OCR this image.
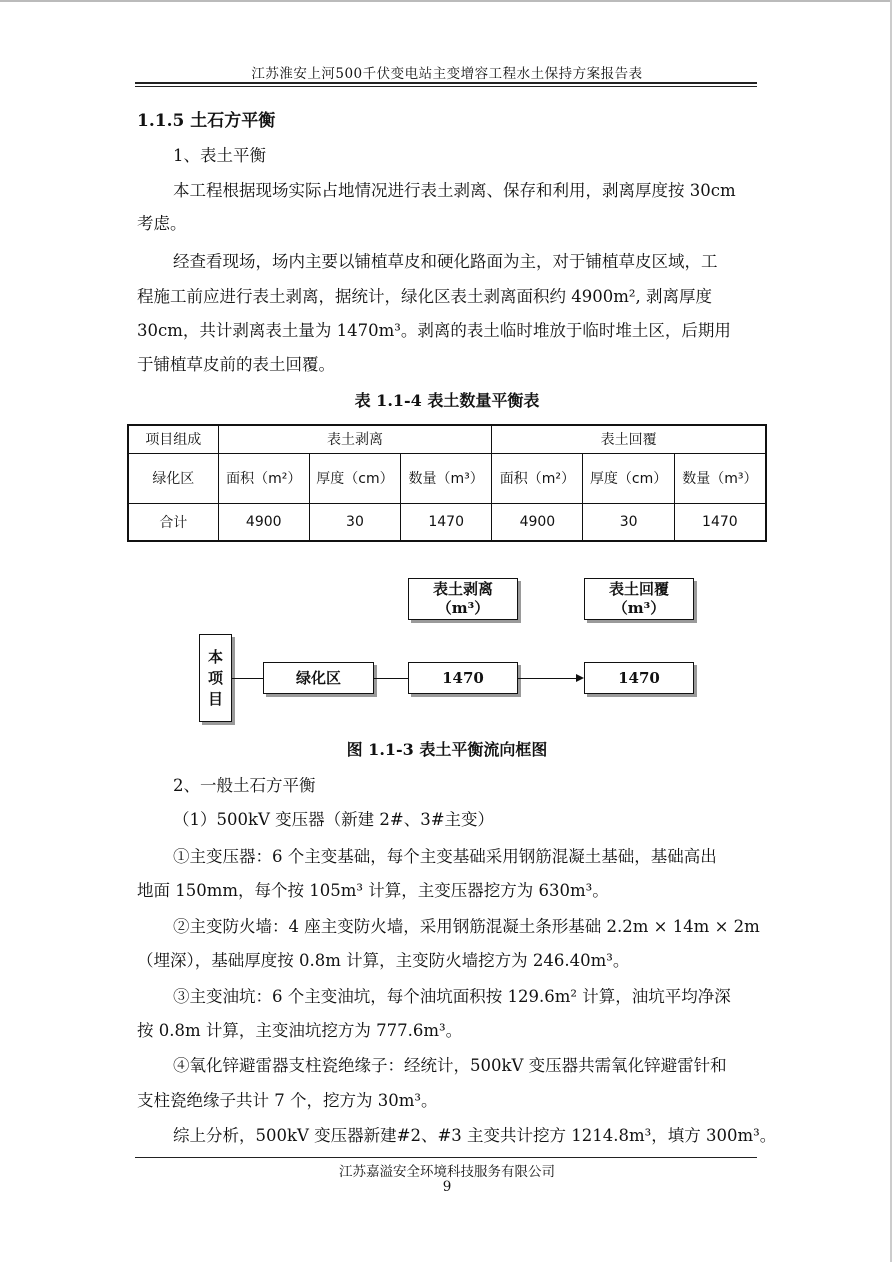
江苏淮安上河500千伏变电站主变增容工程水土保持方案报告表
1.1.5 土石方平衡
1、表土平衡
本工程根据现场实际占地情况进行表土剥离、保存和利用，剥离厚度按 30cm
考虑。
经查看现场，场内主要以铺植草皮和硬化路面为主，对于铺植草皮区域，工
程施工前应进行表土剥离，据统计，绿化区表土剥离面积约 4900m², 剥离厚度
30cm，共计剥离表土量为 1470m³。剥离的表土临时堆放于临时堆土区，后期用
于铺植草皮前的表土回覆。
表 1.1-4 表土数量平衡表
项目组成	表土剥离			表土回覆		
绿化区	面积（m²）	厚度（cm）	数量（m³）	面积（m²）	厚度（cm）	数量（m³）
合计	4900	30	1470	4900	30	1470
表土剥离
（m³）
表土回覆
（m³）
本
项
目
绿化区	1470	1470
图 1.1-3 表土平衡流向框图
2、一般土石方平衡
（1）500kV 变压器（新建 2#、3#主变）
①主变压器：6 个主变基础，每个主变基础采用钢筋混凝土基础，基础高出
地面 150mm，每个按 105m³ 计算，主变压器挖方为 630m³。
②主变防火墙：4 座主变防火墙，采用钢筋混凝土条形基础 2.2m × 14m × 2m
（埋深），基础厚度按 0.8m 计算，主变防火墙挖方为 246.40m³。
③主变油坑：6 个主变油坑，每个油坑面积按 129.6m² 计算，油坑平均净深
按 0.8m 计算，主变油坑挖方为 777.6m³。
④氧化锌避雷器支柱瓷绝缘子：经统计，500kV 变压器共需氧化锌避雷针和
支柱瓷绝缘子共计 7 个，挖方为 30m³。
综上分析，500kV 变压器新建#2、#3 主变共计挖方 1214.8m³，填方 300m³。
江苏嘉溢安全环境科技服务有限公司
9
